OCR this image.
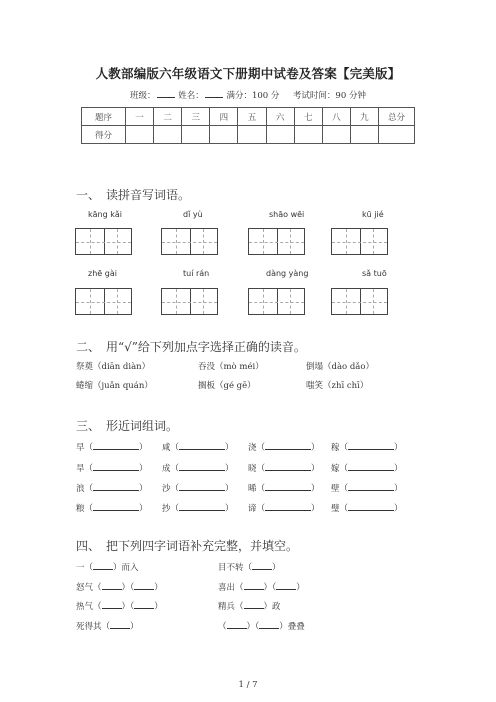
人教部编版六年级语文下册期中试卷及答案【完美版】
班级：	姓名：	满分：100 分 考试时间：90 分钟
题序	一	二	三	四	五	六	七	八	九	总分
得分										
一、 读拼音写词语。
kāng kǎi	dǐ yù	shāo wēi	kū jié
zhē gài	tuí rán	dàng yàng	sǎ tuō
二、 用“√”给下列加点字选择正确的读音。
祭奠（diān diàn）	吞没（mò méi）	倒塌（dào dǎo）
蜷缩（juǎn quán）	搁板（gé gē）	嗤笑（zhī chī）
三、 形近词组词。
早（	） 咸（	） 浇（	） 稼（	）
旱（	） 成（	） 晓（	） 嫁（	）
浪（	） 沙（	） 晞（	） 壁（	）
粮（	） 抄（	） 谛（	） 璧（	）
四、 把下列四字词语补充完整，并填空。
一（ ）而入	目不转（ ）
怒气（ ）（ ）	喜出（ ）（ ）
热气（ ）（ ）	精兵（ ）政
死得其（ ）	（ ）（ ）叠叠
1 / 7
